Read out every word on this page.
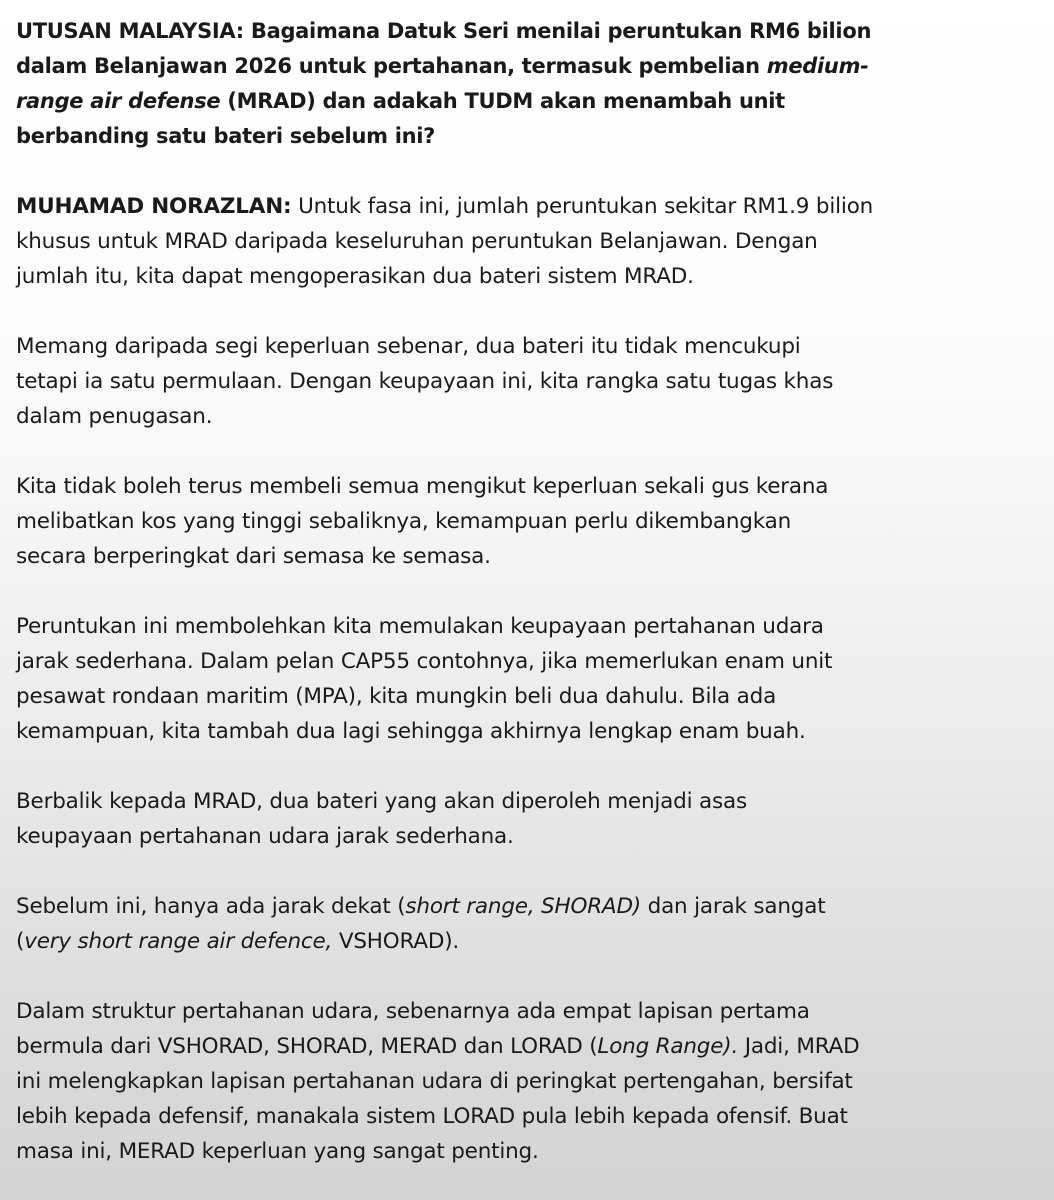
UTUSAN MALAYSIA: Bagaimana Datuk Seri menilai peruntukan RM6 bilion
dalam Belanjawan 2026 untuk pertahanan, termasuk pembelian medium-
range air defense (MRAD) dan adakah TUDM akan menambah unit
berbanding satu bateri sebelum ini?
MUHAMAD NORAZLAN: Untuk fasa ini, jumlah peruntukan sekitar RM1.9 bilion
khusus untuk MRAD daripada keseluruhan peruntukan Belanjawan. Dengan
jumlah itu, kita dapat mengoperasikan dua bateri sistem MRAD.
Memang daripada segi keperluan sebenar, dua bateri itu tidak mencukupi
tetapi ia satu permulaan. Dengan keupayaan ini, kita rangka satu tugas khas
dalam penugasan.
Kita tidak boleh terus membeli semua mengikut keperluan sekali gus kerana
melibatkan kos yang tinggi sebaliknya, kemampuan perlu dikembangkan
secara berperingkat dari semasa ke semasa.
Peruntukan ini membolehkan kita memulakan keupayaan pertahanan udara
jarak sederhana. Dalam pelan CAP55 contohnya, jika memerlukan enam unit
pesawat rondaan maritim (MPA), kita mungkin beli dua dahulu. Bila ada
kemampuan, kita tambah dua lagi sehingga akhirnya lengkap enam buah.
Berbalik kepada MRAD, dua bateri yang akan diperoleh menjadi asas
keupayaan pertahanan udara jarak sederhana.
Sebelum ini, hanya ada jarak dekat (short range, SHORAD) dan jarak sangat
(very short range air defence, VSHORAD).
Dalam struktur pertahanan udara, sebenarnya ada empat lapisan pertama
bermula dari VSHORAD, SHORAD, MERAD dan LORAD (Long Range). Jadi, MRAD
ini melengkapkan lapisan pertahanan udara di peringkat pertengahan, bersifat
lebih kepada defensif, manakala sistem LORAD pula lebih kepada ofensif. Buat
masa ini, MERAD keperluan yang sangat penting.
